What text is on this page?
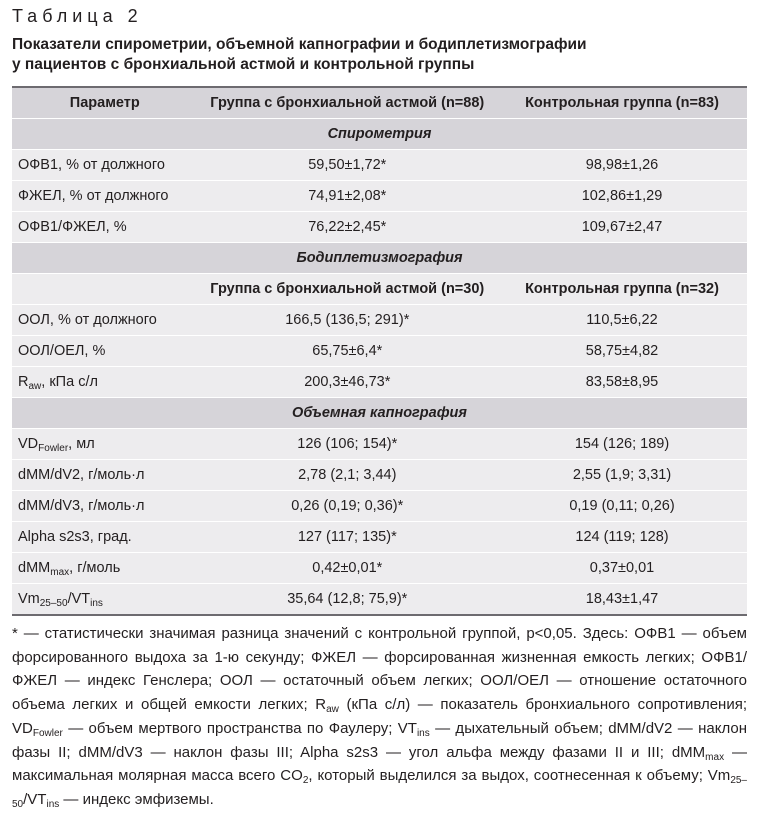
Таблица 2
Показатели спирометрии, объемной капнографии и бодиплетизмографии
у пациентов с бронхиальной астмой и контрольной группы
Параметр	Группа с бронхиальной астмой (n=88)	Контрольная группа (n=83)
Спирометрия		
ОФВ1, % от должного	59,50±1,72*	98,98±1,26
ФЖЕЛ, % от должного	74,91±2,08*	102,86±1,29
ОФВ1/ФЖЕЛ, %	76,22±2,45*	109,67±2,47
Бодиплетизмография		
	Группа с бронхиальной астмой (n=30)	Контрольная группа (n=32)
ООЛ, % от должного	166,5 (136,5; 291)*	110,5±6,22
ООЛ/ОЕЛ, %	65,75±6,4*	58,75±4,82
$R_{aw}$, кПа с/л	200,3±46,73*	83,58±8,95
Объемная капнография		
$VD_{Fowler}$, мл	126 (106; 154)*	154 (126; 189)
dMM/dV2, г/моль·л	2,78 (2,1; 3,44)	2,55 (1,9; 3,31)
dMM/dV3, г/моль·л	0,26 (0,19; 0,36)*	0,19 (0,11; 0,26)
Alpha s2s3, град.	127 (117; 135)*	124 (119; 128)
dMM$_{max}$, г/моль	0,42±0,01*	0,37±0,01
$Vm_{25-50}/VT_{ins}$	35,64 (12,8; 75,9)*	18,43±1,47

* — статистически значимая разница значений с контрольной группой, p<0,05. Здесь: ОФВ1 — объем форсированного выдоха за 1-ю секунду; ФЖЕЛ — форсированная жизненная емкость легких; ОФВ1/ФЖЕЛ — индекс Генслера; ООЛ — остаточный объем легких; ООЛ/ОЕЛ — отношение остаточного объема легких и общей емкости легких; $R_{aw}$ (кПа с/л) — показатель бронхиального сопротивления; $VD_{Fowler}$ — объем мертвого пространства по Фаулеру; $VT_{ins}$ — дыхательный объем; dMM/dV2 — наклон фазы II; dMM/dV3 — наклон фазы III; Alpha s2s3 — угол альфа между фазами II и III; dMM$_{max}$ — максимальная молярная масса всего $CO_2$, который выделился за выдох, соотнесенная к объему; $Vm_{25-50}/VT_{ins}$ — индекс эмфиземы.
